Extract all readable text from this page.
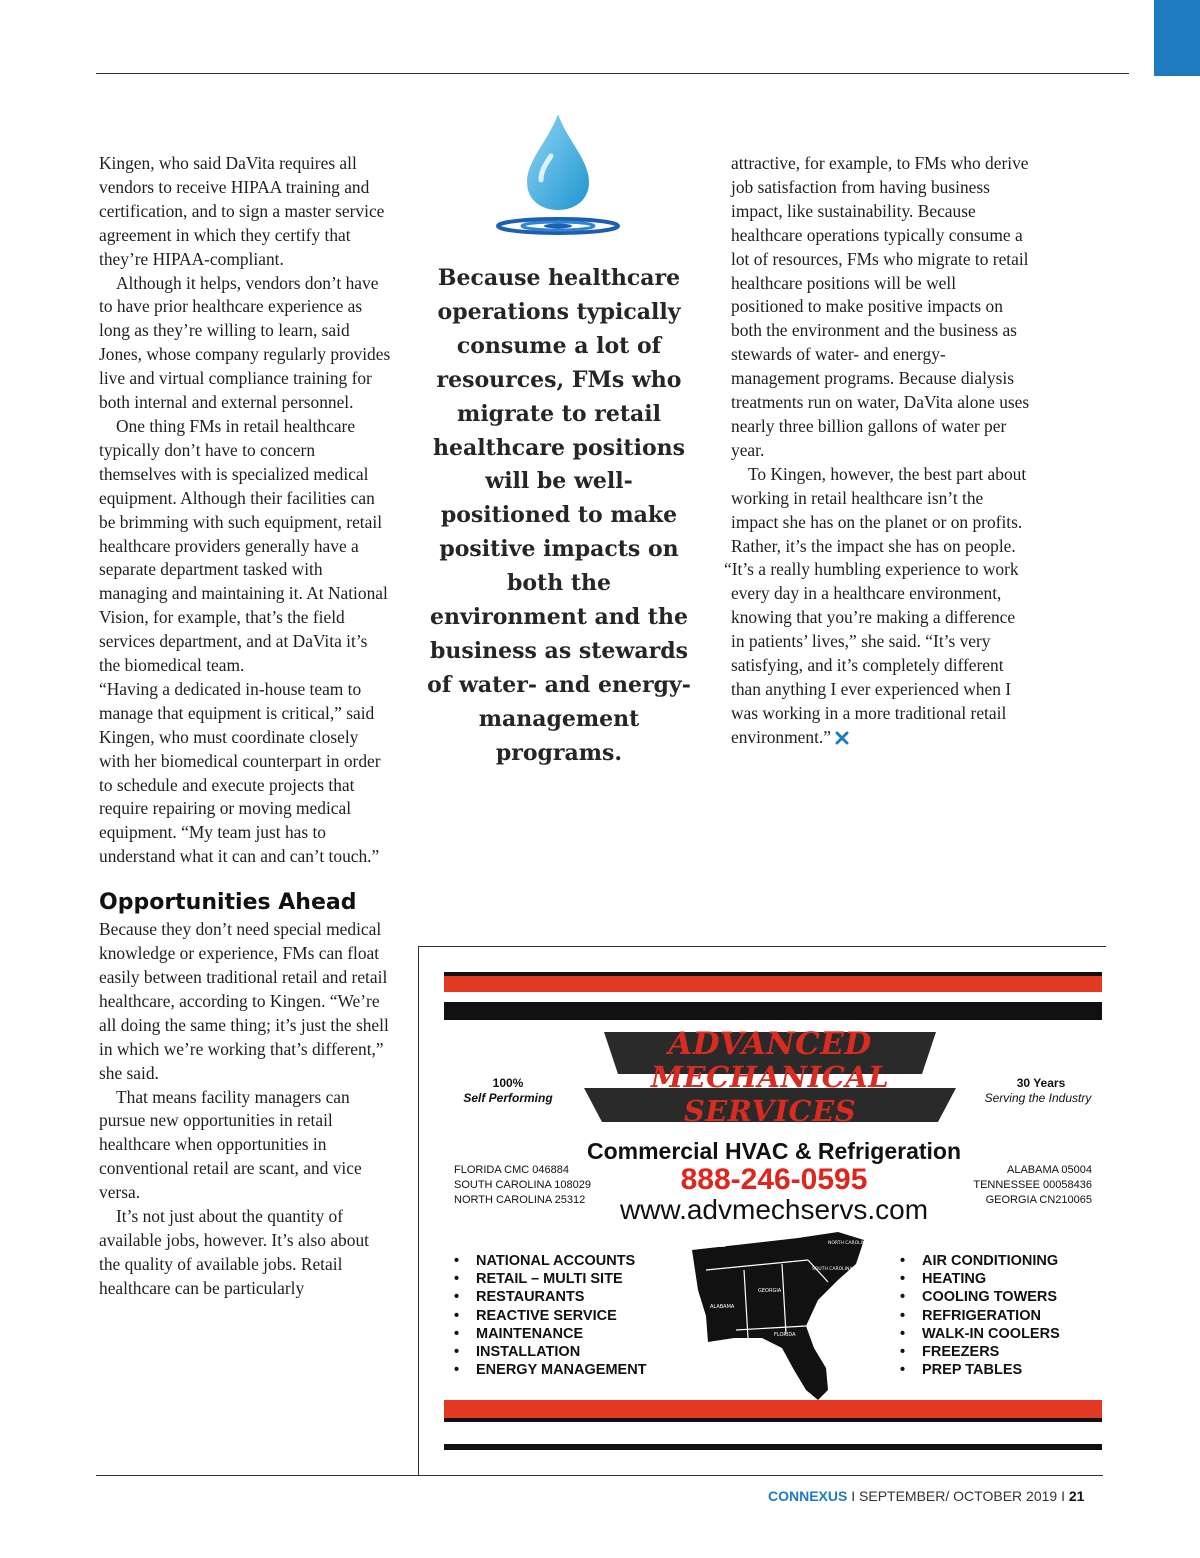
Kingen, who said DaVita requires all vendors to receive HIPAA training and certification, and to sign a master service agreement in which they certify that they’re HIPAA-compliant.

Although it helps, vendors don’t have to have prior healthcare experience as long as they’re willing to learn, said Jones, whose company regularly provides live and virtual compliance training for both internal and external personnel.

One thing FMs in retail healthcare typically don’t have to concern themselves with is specialized medical equipment. Although their facilities can be brimming with such equipment, retail healthcare providers generally have a separate department tasked with managing and maintaining it. At National Vision, for example, that’s the field services department, and at DaVita it’s the biomedical team.

“Having a dedicated in-house team to manage that equipment is critical,” said Kingen, who must coordinate closely with her biomedical counterpart in order to schedule and execute projects that require repairing or moving medical equipment. “My team just has to understand what it can and can’t touch.”

Opportunities Ahead

Because they don’t need special medical knowledge or experience, FMs can float easily between traditional retail and retail healthcare, according to Kingen. “We’re all doing the same thing; it’s just the shell in which we’re working that’s different,” she said.

That means facility managers can pursue new opportunities in retail healthcare when opportunities in conventional retail are scant, and vice versa.

It’s not just about the quantity of available jobs, however. It’s also about the quality of available jobs. Retail healthcare can be particularly

Because healthcare operations typically consume a lot of resources, FMs who migrate to retail healthcare positions will be well-positioned to make positive impacts on both the environment and the business as stewards of water- and energy-management programs.

attractive, for example, to FMs who derive job satisfaction from having business impact, like sustainability. Because healthcare operations typically consume a lot of resources, FMs who migrate to retail healthcare positions will be well positioned to make positive impacts on both the environment and the business as stewards of water- and energy-management programs. Because dialysis treatments run on water, DaVita alone uses nearly three billion gallons of water per year.

To Kingen, however, the best part about working in retail healthcare isn’t the impact she has on the planet or on profits. Rather, it’s the impact she has on people.

“It’s a really humbling experience to work every day in a healthcare environment, knowing that you’re making a difference in patients’ lives,” she said. “It’s very satisfying, and it’s completely different than anything I ever experienced when I was working in a more traditional retail environment.”

ADVANCED
MECHANICAL SERVICES
100%
Self Performing
30 Years
Serving the Industry
Commercial HVAC & Refrigeration
888-246-0595
www.advmechservs.com
FLORIDA CMC 046884
SOUTH CAROLINA 108029
NORTH CAROLINA 25312
ALABAMA 05004
TENNESSEE 00058436
GEORGIA CN210065
• NATIONAL ACCOUNTS
• RETAIL – MULTI SITE
• RESTAURANTS
• REACTIVE SERVICE
• MAINTENANCE
• INSTALLATION
• ENERGY MANAGEMENT
TENNESSEE	NORTH CAROLINA
SOUTH CAROLINA
GEORGIA
ALABAMA
FLORIDA
• AIR CONDITIONING
• HEATING
• COOLING TOWERS
• REFRIGERATION
• WALK-IN COOLERS
• FREEZERS
• PREP TABLES
CONNEXUS I SEPTEMBER/ OCTOBER 2019 I 21
